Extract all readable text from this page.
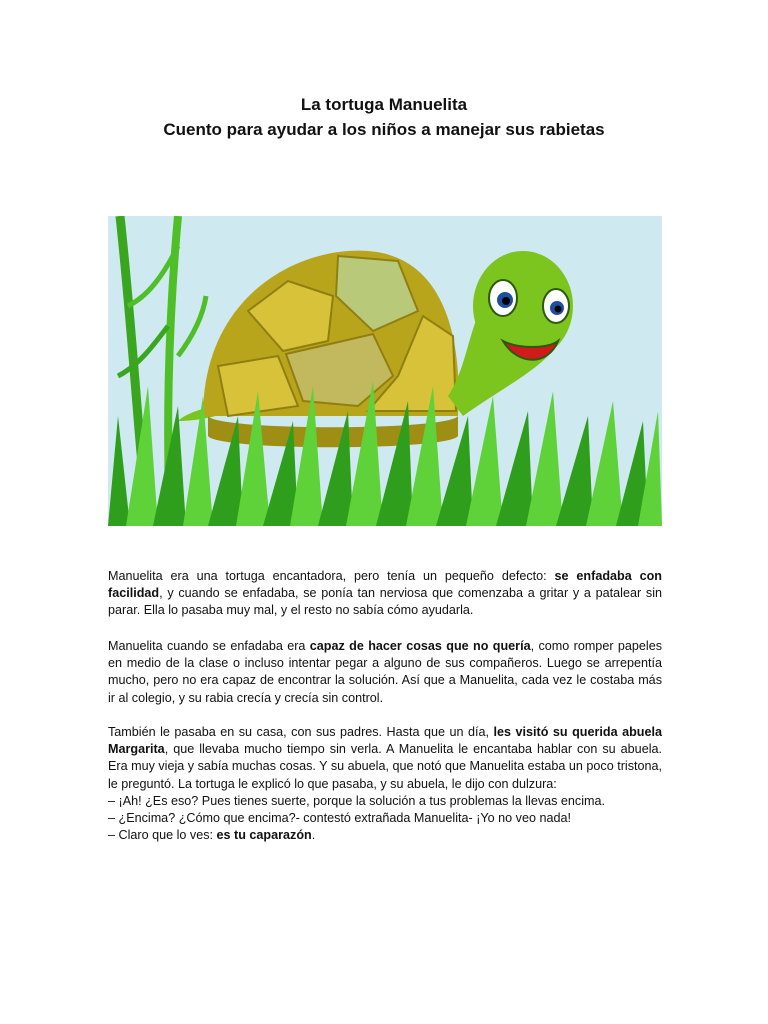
La tortuga Manuelita
Cuento para ayudar a los niños a manejar sus rabietas
Manuelita era una tortuga encantadora, pero tenía un pequeño defecto: se enfadaba con facilidad, y cuando se enfadaba, se ponía tan nerviosa que comenzaba a gritar y a patalear sin parar. Ella lo pasaba muy mal, y el resto no sabía cómo ayudarla.
Manuelita cuando se enfadaba era capaz de hacer cosas que no quería, como romper papeles en medio de la clase o incluso intentar pegar a alguno de sus compañeros. Luego se arrepentía mucho, pero no era capaz de encontrar la solución. Así que a Manuelita, cada vez le costaba más ir al colegio, y su rabia crecía y crecía sin control.
También le pasaba en su casa, con sus padres. Hasta que un día, les visitó su querida abuela Margarita, que llevaba mucho tiempo sin verla. A Manuelita le encantaba hablar con su abuela. Era muy vieja y sabía muchas cosas. Y su abuela, que notó que Manuelita estaba un poco tristona, le preguntó. La tortuga le explicó lo que pasaba, y su abuela, le dijo con dulzura:
– ¡Ah! ¿Es eso? Pues tienes suerte, porque la solución a tus problemas la llevas encima.
– ¿Encima? ¿Cómo que encima?- contestó extrañada Manuelita- ¡Yo no veo nada!
– Claro que lo ves: es tu caparazón.
